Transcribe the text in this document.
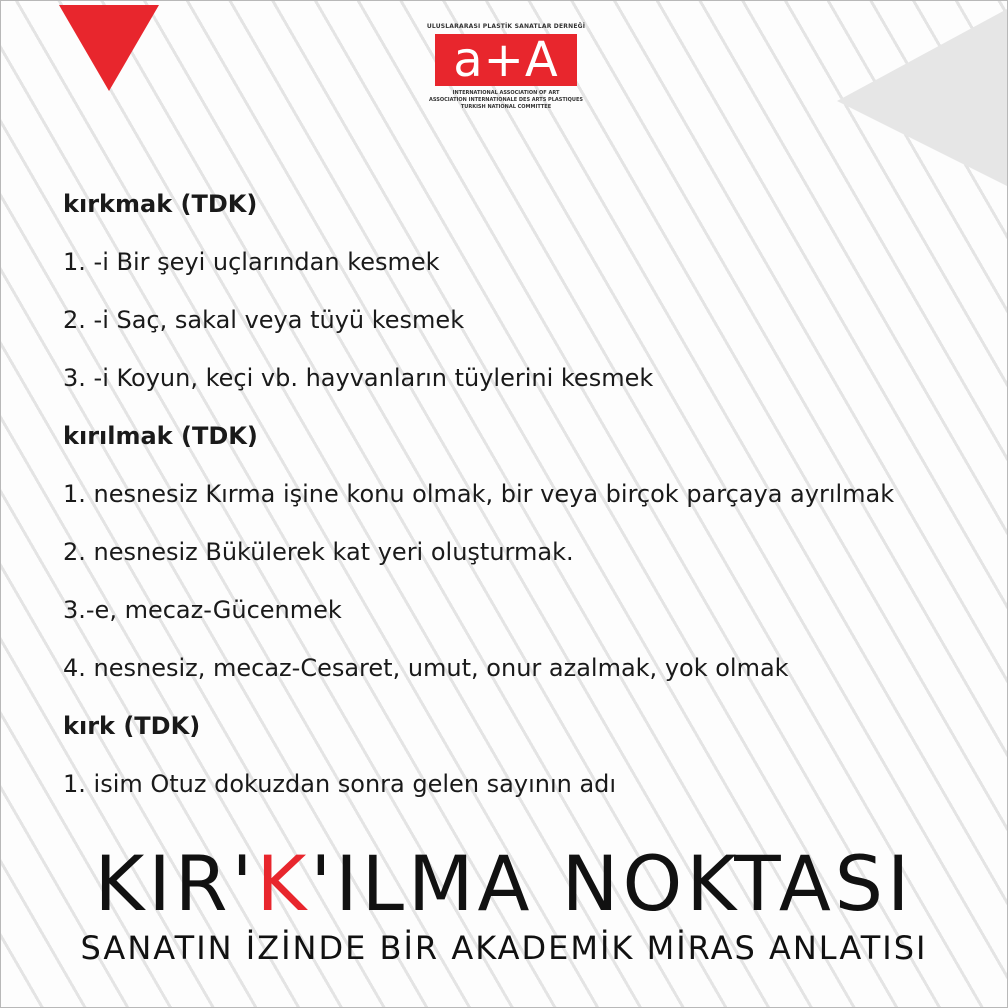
ULUSLARARASI PLASTİK SANATLAR DERNEĞİ
a+A
INTERNATIONAL ASSOCIATION OF ART
ASSOCIATION INTERNATIONALE DES ARTS PLASTIQUES
TURKISH NATIONAL COMMITTEE
kırkmak (TDK)
1. -i Bir şeyi uçlarından kesmek
2. -i Saç, sakal veya tüyü kesmek
3. -i Koyun, keçi vb. hayvanların tüylerini kesmek
kırılmak (TDK)
1. nesnesiz Kırma işine konu olmak, bir veya birçok parçaya ayrılmak
2. nesnesiz Bükülerek kat yeri oluşturmak.
3.-e, mecaz-Gücenmek
4. nesnesiz, mecaz-Cesaret, umut, onur azalmak, yok olmak
kırk (TDK)
1. isim Otuz dokuzdan sonra gelen sayının adı
KIR'K'ILMA NOKTASI
SANATIN İZİNDE BİR AKADEMİK MİRAS ANLATISI
